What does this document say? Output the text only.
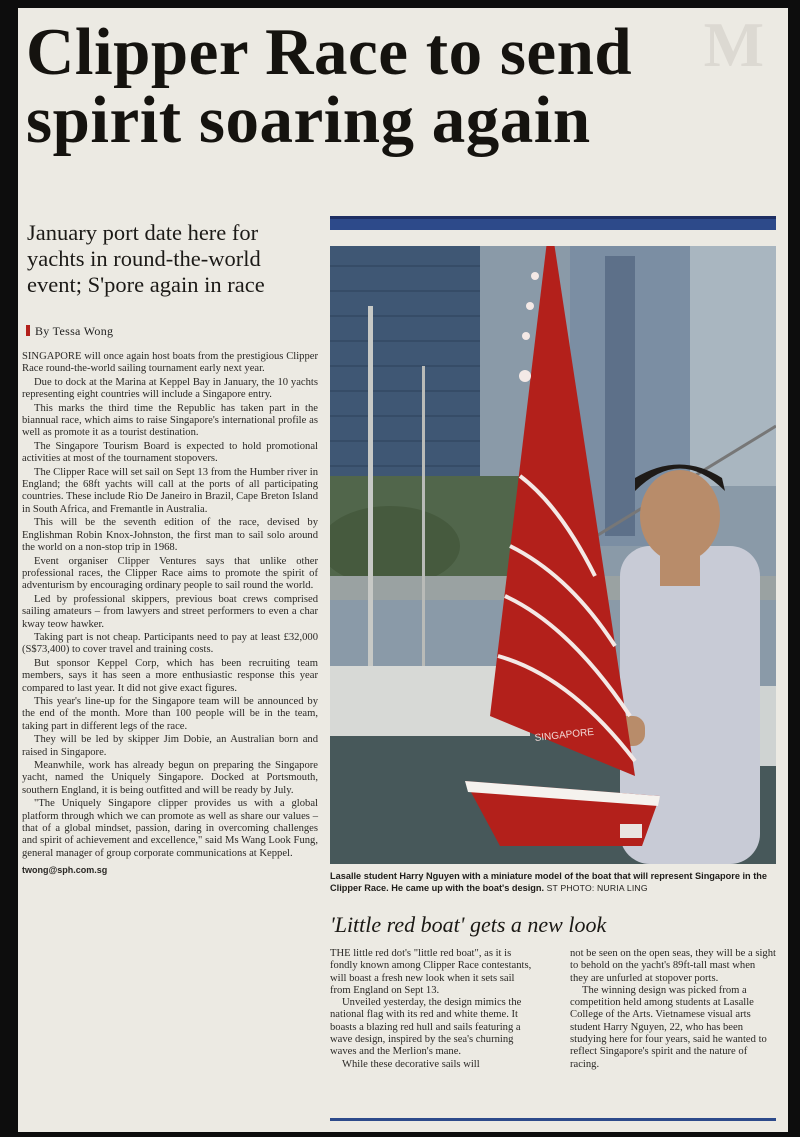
M
Clipper Race to send
spirit soaring again
January port date here for
yachts in round-the-world
event; S'pore again in race
By Tessa Wong

SINGAPORE will once again host boats from the prestigious Clipper Race round-the-world sailing tournament early next year.

Due to dock at the Marina at Keppel Bay in January, the 10 yachts representing eight countries will include a Singapore entry.

This marks the third time the Republic has taken part in the biannual race, which aims to raise Singapore's international profile as well as promote it as a tourist destination.

The Singapore Tourism Board is expected to hold promotional activities at most of the tournament stopovers.

The Clipper Race will set sail on Sept 13 from the Humber river in England; the 68ft yachts will call at the ports of all participating countries. These include Rio De Janeiro in Brazil, Cape Breton Island in South Africa, and Fremantle in Australia.

This will be the seventh edition of the race, devised by Englishman Robin Knox-Johnston, the first man to sail solo around the world on a non-stop trip in 1968.

Event organiser Clipper Ventures says that unlike other professional races, the Clipper Race aims to promote the spirit of adventurism by encouraging ordinary people to sail round the world.

Led by professional skippers, previous boat crews comprised sailing amateurs – from lawyers and street performers to even a char kway teow hawker.

Taking part is not cheap. Participants need to pay at least £32,000 (S$73,400) to cover travel and training costs.

But sponsor Keppel Corp, which has been recruiting team members, says it has seen a more enthusiastic response this year compared to last year. It did not give exact figures.

This year's line-up for the Singapore team will be announced by the end of the month. More than 100 people will be in the team, taking part in different legs of the race.

They will be led by skipper Jim Dobie, an Australian born and raised in Singapore.

Meanwhile, work has already begun on preparing the Singapore yacht, named the Uniquely Singapore. Docked at Portsmouth, southern England, it is being outfitted and will be ready by July.

"The Uniquely Singapore clipper provides us with a global platform through which we can promote as well as share our values – that of a global mindset, passion, daring in overcoming challenges and spirit of achievement and excellence," said Ms Wang Look Fung, general manager of group corporate communications at Keppel.

twong@sph.com.sg

SINGAPORE
Lasalle student Harry Nguyen with a miniature model of the boat that will represent Singapore in the Clipper Race. He came up with the boat's design. ST PHOTO: NURIA LING
'Little red boat' gets a new look

THE little red dot's "little red boat", as it is fondly known among Clipper Race contestants, will boast a fresh new look when it sets sail from England on Sept 13.

Unveiled yesterday, the design mimics the national flag with its red and white theme. It boasts a blazing red hull and sails featuring a wave design, inspired by the sea's churning waves and the Merlion's mane.

While these decorative sails will

not be seen on the open seas, they will be a sight to behold on the yacht's 89ft-tall mast when they are unfurled at stopover ports.

The winning design was picked from a competition held among students at Lasalle College of the Arts. Vietnamese visual arts student Harry Nguyen, 22, who has been studying here for four years, said he wanted to reflect Singapore's spirit and the nature of racing.
